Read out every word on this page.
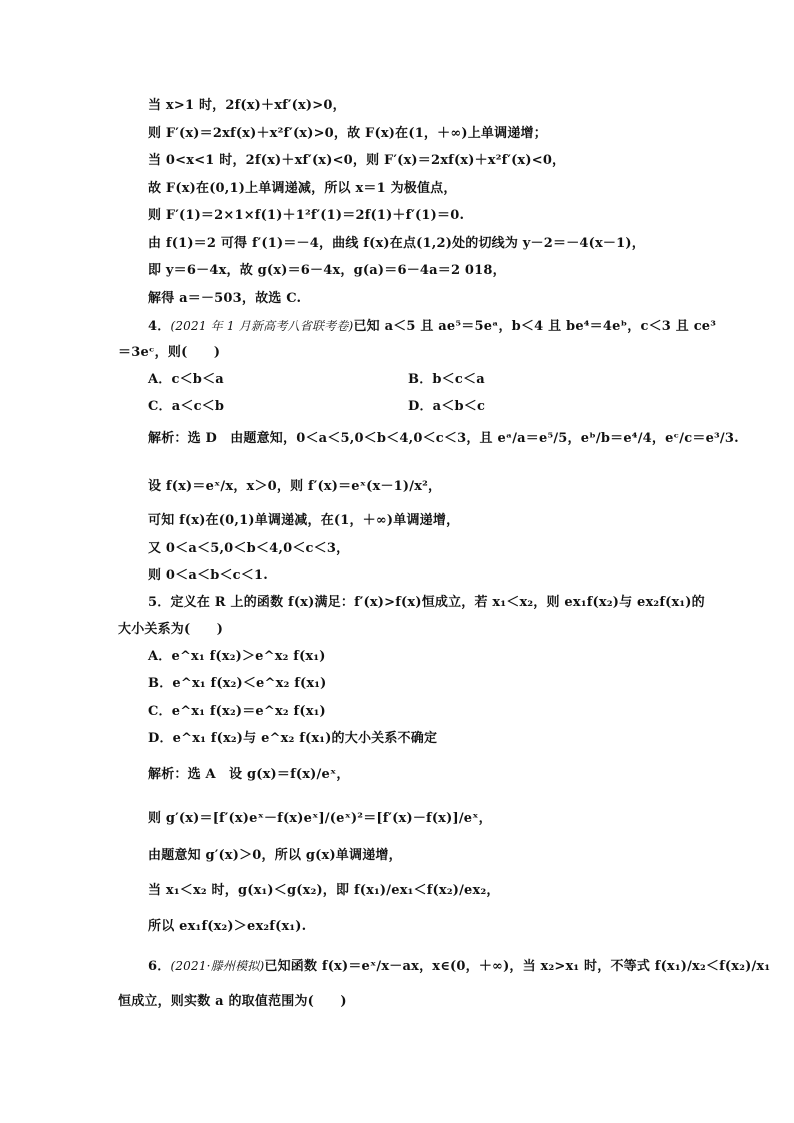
当 x>1 时，2f(x)＋xf′(x)>0，
则 F′(x)＝2xf(x)＋x²f′(x)>0，故 F(x)在(1，＋∞)上单调递增；
当 0<x<1 时，2f(x)＋xf′(x)<0，则 F′(x)＝2xf(x)＋x²f′(x)<0，
故 F(x)在(0,1)上单调递减，所以 x＝1 为极值点，
则 F′(1)＝2×1×f(1)＋1²f′(1)＝2f(1)＋f′(1)＝0.
由 f(1)＝2 可得 f′(1)＝－4，曲线 f(x)在点(1,2)处的切线为 y－2＝－4(x－1)，
即 y＝6－4x，故 g(x)＝6－4x，g(a)＝6－4a＝2 018，
解得 a＝－503，故选 C.
4．(2021 年 1 月新高考八省联考卷)已知 a＜5 且 ae⁵＝5eᵃ，b＜4 且 be⁴＝4eᵇ，c＜3 且 ce³
＝3eᶜ，则(　　)
A．c＜b＜a	B．b＜c＜a
C．a＜c＜b	D．a＜b＜c
解析：选 D　由题意知，0＜a＜5,0＜b＜4,0＜c＜3，且 eᵃ/a＝e⁵/5，eᵇ/b＝e⁴/4，eᶜ/c＝e³/3.
设 f(x)＝eˣ/x，x＞0，则 f′(x)＝eˣ(x－1)/x²，
可知 f(x)在(0,1)单调递减，在(1，＋∞)单调递增，
又 0＜a＜5,0＜b＜4,0＜c＜3，
则 0＜a＜b＜c＜1.
5．定义在 R 上的函数 f(x)满足：f′(x)>f(x)恒成立，若 x₁＜x₂，则 ex₁f(x₂)与 ex₂f(x₁)的
大小关系为(　　)
A．e^x₁ f(x₂)＞e^x₂ f(x₁)
B．e^x₁ f(x₂)＜e^x₂ f(x₁)
C．e^x₁ f(x₂)＝e^x₂ f(x₁)
D．e^x₁ f(x₂)与 e^x₂ f(x₁)的大小关系不确定
解析：选 A　设 g(x)＝f(x)/eˣ，
则 g′(x)＝[f′(x)eˣ－f(x)eˣ]/(eˣ)²＝[f′(x)－f(x)]/eˣ，
由题意知 g′(x)＞0，所以 g(x)单调递增，
当 x₁＜x₂ 时，g(x₁)＜g(x₂)，即 f(x₁)/ex₁＜f(x₂)/ex₂，
所以 ex₁f(x₂)＞ex₂f(x₁).
6．(2021·滕州模拟)已知函数 f(x)＝eˣ/x－ax，x∈(0，＋∞)，当 x₂>x₁ 时，不等式 f(x₁)/x₂＜f(x₂)/x₁
恒成立，则实数 a 的取值范围为(　　)
